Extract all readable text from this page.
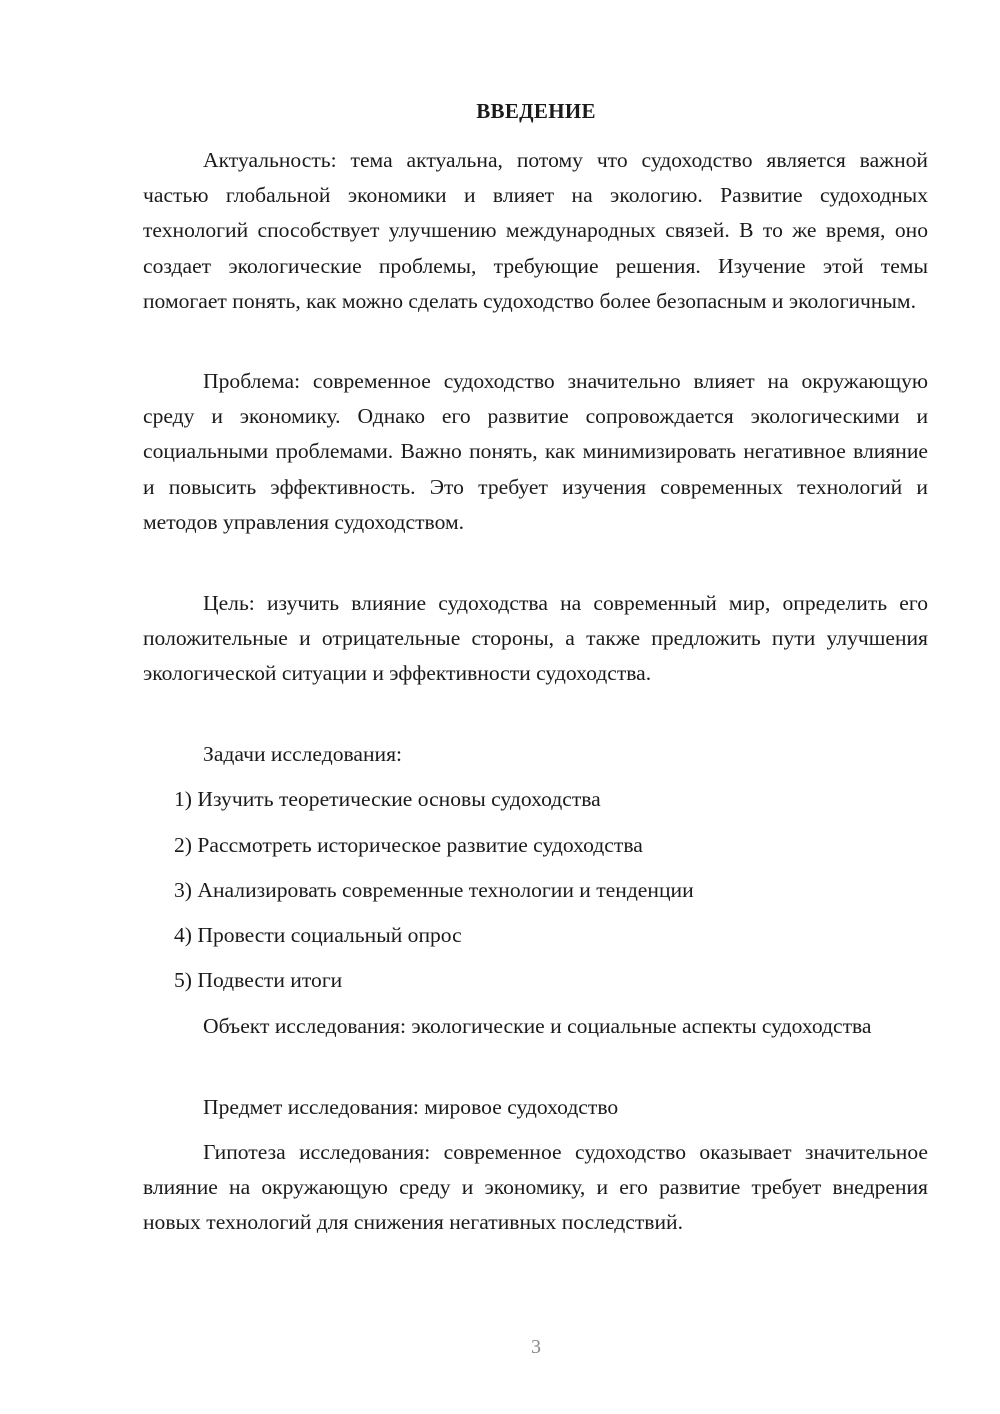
ВВЕДЕНИЕ

Актуальность: тема актуальна, потому что судоходство является важной частью глобальной экономики и влияет на экологию. Развитие судоходных технологий способствует улучшению международных связей. В то же время, оно создает экологические проблемы, требующие решения. Изучение этой темы помогает понять, как можно сделать судоходство более безопасным и экологичным.

Проблема: современное судоходство значительно влияет на окружающую среду и экономику. Однако его развитие сопровождается экологическими и социальными проблемами. Важно понять, как минимизировать негативное влияние и повысить эффективность. Это требует изучения современных технологий и методов управления судоходством.

Цель: изучить влияние судоходства на современный мир, определить его положительные и отрицательные стороны, а также предложить пути улучшения экологической ситуации и эффективности судоходства.

Задачи исследования:

1) Изучить теоретические основы судоходства

2) Рассмотреть историческое развитие судоходства

3) Анализировать современные технологии и тенденции

4) Провести социальный опрос

5) Подвести итоги

Объект исследования: экологические и социальные аспекты судоходства

Предмет исследования: мировое судоходство

Гипотеза исследования: современное судоходство оказывает значительное влияние на окружающую среду и экономику, и его развитие требует внедрения новых технологий для снижения негативных последствий.

3
